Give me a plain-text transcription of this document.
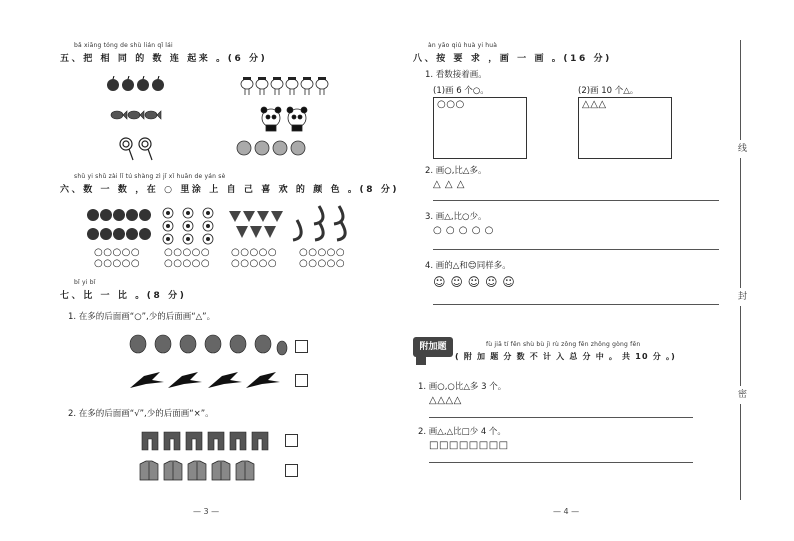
bǎ xiāng tóng de shù lián qǐ lái
五、把 相 同 的 数 连 起来 。(6 分)
shǔ yi shǔ zài lǐ tú shàng zì jǐ xǐ huān de yán sè
六、数 一 数 ，在 ○ 里涂 上 自 己 喜 欢 的 颜 色 。(8 分)
○○○○○
○○○○○
○○○○○
○○○○○
○○○○○
○○○○○
○○○○○
○○○○○
bǐ yi bǐ
七、比 一 比 。(8 分)
1. 在多的后面画“○”,少的后面画“△”。
2. 在多的后面画“√”,少的后面画“×”。
— 3 —
àn yāo qiú huà yi huà
八、按 要 求 ，画 一 画 。(16 分)
1. 看数接着画。
(1)画 6 个○。	(2)画 10 个△。
○○○	△△△
2. 画○,比△多。
△ △ △
3. 画△,比○少。
○ ○ ○ ○ ○
4. 画的△和😊同样多。
☺ ☺ ☺ ☺ ☺
附加题	fù jiā tí fēn shù bù jì rù zǒng fēn zhōng gòng fēn
( 附 加 题 分 数 不 计 入 总 分 中 。 共 10 分 。)
1. 画○,○比△多 3 个。
△△△△
2. 画△,△比□少 4 个。
□□□□□□□□
— 4 —
线
封
密
